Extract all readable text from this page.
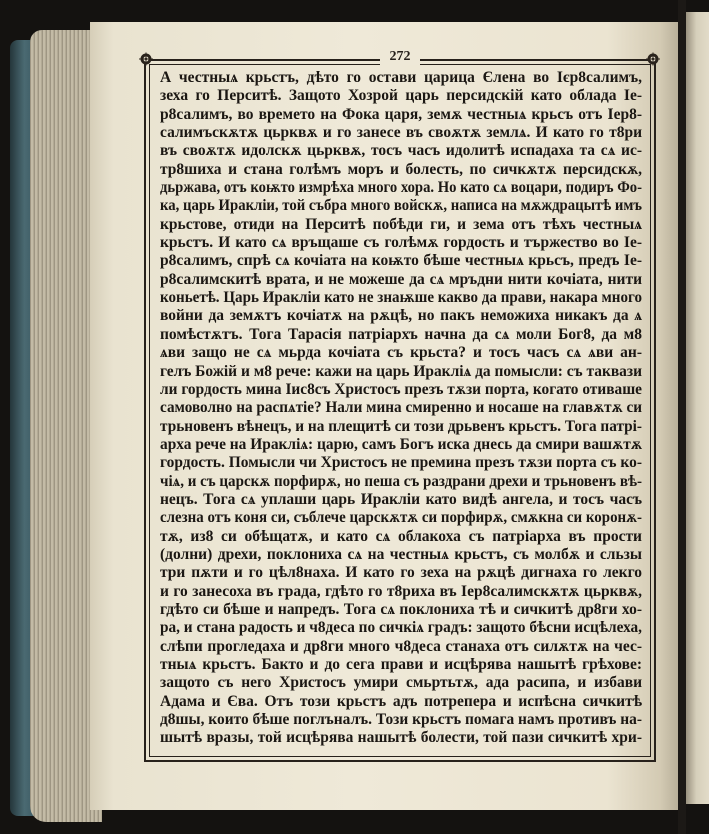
272
А честныѧ крьстъ, дѣто го остави царица Єлена во Ієр8салимъ,
зеха го Перситѣ. Защото Хозрой царь персидскій като облада Іе-
р8салимъ, во времето на Фока царя, земѫ честныѧ крьсъ отъ Іер8-
салимъскѫтѫ цьрквѫ и го занесе въ своѫтѫ землѧ. И като го т8ри
въ своѫтѫ идолскѫ цьрквѫ, тосъ часъ идолитѣ испадаха та сѧ ис-
тр8шиха и стана голѣмъ моръ и болесть, по сичкѫтѫ персидскѫ,
дьржава, отъ коѭто измрѣха много хора. Но като сѧ воцари, подиръ Фо-
ка, царь Иракліи, той събра много войскѫ, написа на мѫждрацытѣ имъ
крьстове, отиди на Перситѣ побѣди ги, и зема отъ тѣхъ честныѧ
крьстъ. И като сѧ връщаше съ голѣмѫ гордость и тържество во Іе-
р8салимъ, спрѣ сѧ кочіата на коѭто бѣше честныѧ крьсъ, предъ Іе-
р8салимскитѣ врата, и не можеше да сѧ мръдни нити кочіата, нити
коньетѣ. Царь Иракліи като не знаѭше какво да прави, накара много
войни да земѫтъ кочіатѫ на рѫцѣ, но пакъ неможиха никакъ да ѧ
помѣстѫтъ. Тога Тарасія патріархъ начна да сѧ моли Бог8, да м8
ѧви защо не сѧ мьрда кочіата съ крьста? и тосъ часъ сѧ ѧви ан-
гелъ Божій и м8 рече: кажи на царь Иракліѧ да помысли: съ таквази
ли гордость мина Іис8съ Христосъ презъ тѫзи порта, когато отиваше
самоволно на распѧтіе? Нали мина смиренно и носаше на главѫтѫ си
трьновенъ вѣнецъ, и на плещитѣ си този дрьвенъ крьстъ. Тога патрі-
арха рече на Иракліѧ: царю, самъ Богъ иска днесь да смири вашѫтѫ
гордость. Помысли чи Христосъ не премина презъ тѫзи порта съ ко-
чіѧ, и съ царскѫ порфирѫ, но пеша съ раздрани дрехи и трьновенъ вѣ-
нецъ. Тога сѧ уплаши царь Иракліи като видѣ ангела, и тосъ часъ
слезна отъ коня си, съблече царскѫтѫ си порфирѫ, смѫкна си коронѫ-
тѫ, из8 си обѣщатѫ, и като сѧ облакоха съ патріарха въ прости
(долни) дрехи, поклониха сѧ на честныѧ крьстъ, съ молбѫ и сльзы
три пѫти и го цѣл8наха. И като го зеха на рѫцѣ дигнаха го лекго
и го занесоха въ града, гдѣто го т8риха въ Іер8салимскѫтѫ цьрквѫ,
гдѣто си бѣше и напредъ. Тога сѧ поклониха тѣ и сичкитѣ др8ги хо-
ра, и стана радость и ч8деса по сичкіѧ градъ: защото бѣсни исцѣлеха,
слѣпи прогледаха и др8ги много ч8деса станаха отъ силѫтѫ на чес-
тныѧ крьстъ. Бакто и до сега прави и исцѣрява нашытѣ грѣхове:
защото съ него Христосъ умири смьртьтѫ, ада расипа, и избави
Адама и Єва. Отъ този крьстъ адъ потрепера и испѣсна сичкитѣ
д8шы, които бѣше поглъналъ. Този крьстъ помага намъ противъ на-
шытѣ вразы, той исцѣрява нашытѣ болести, той пази сичкитѣ хри-
